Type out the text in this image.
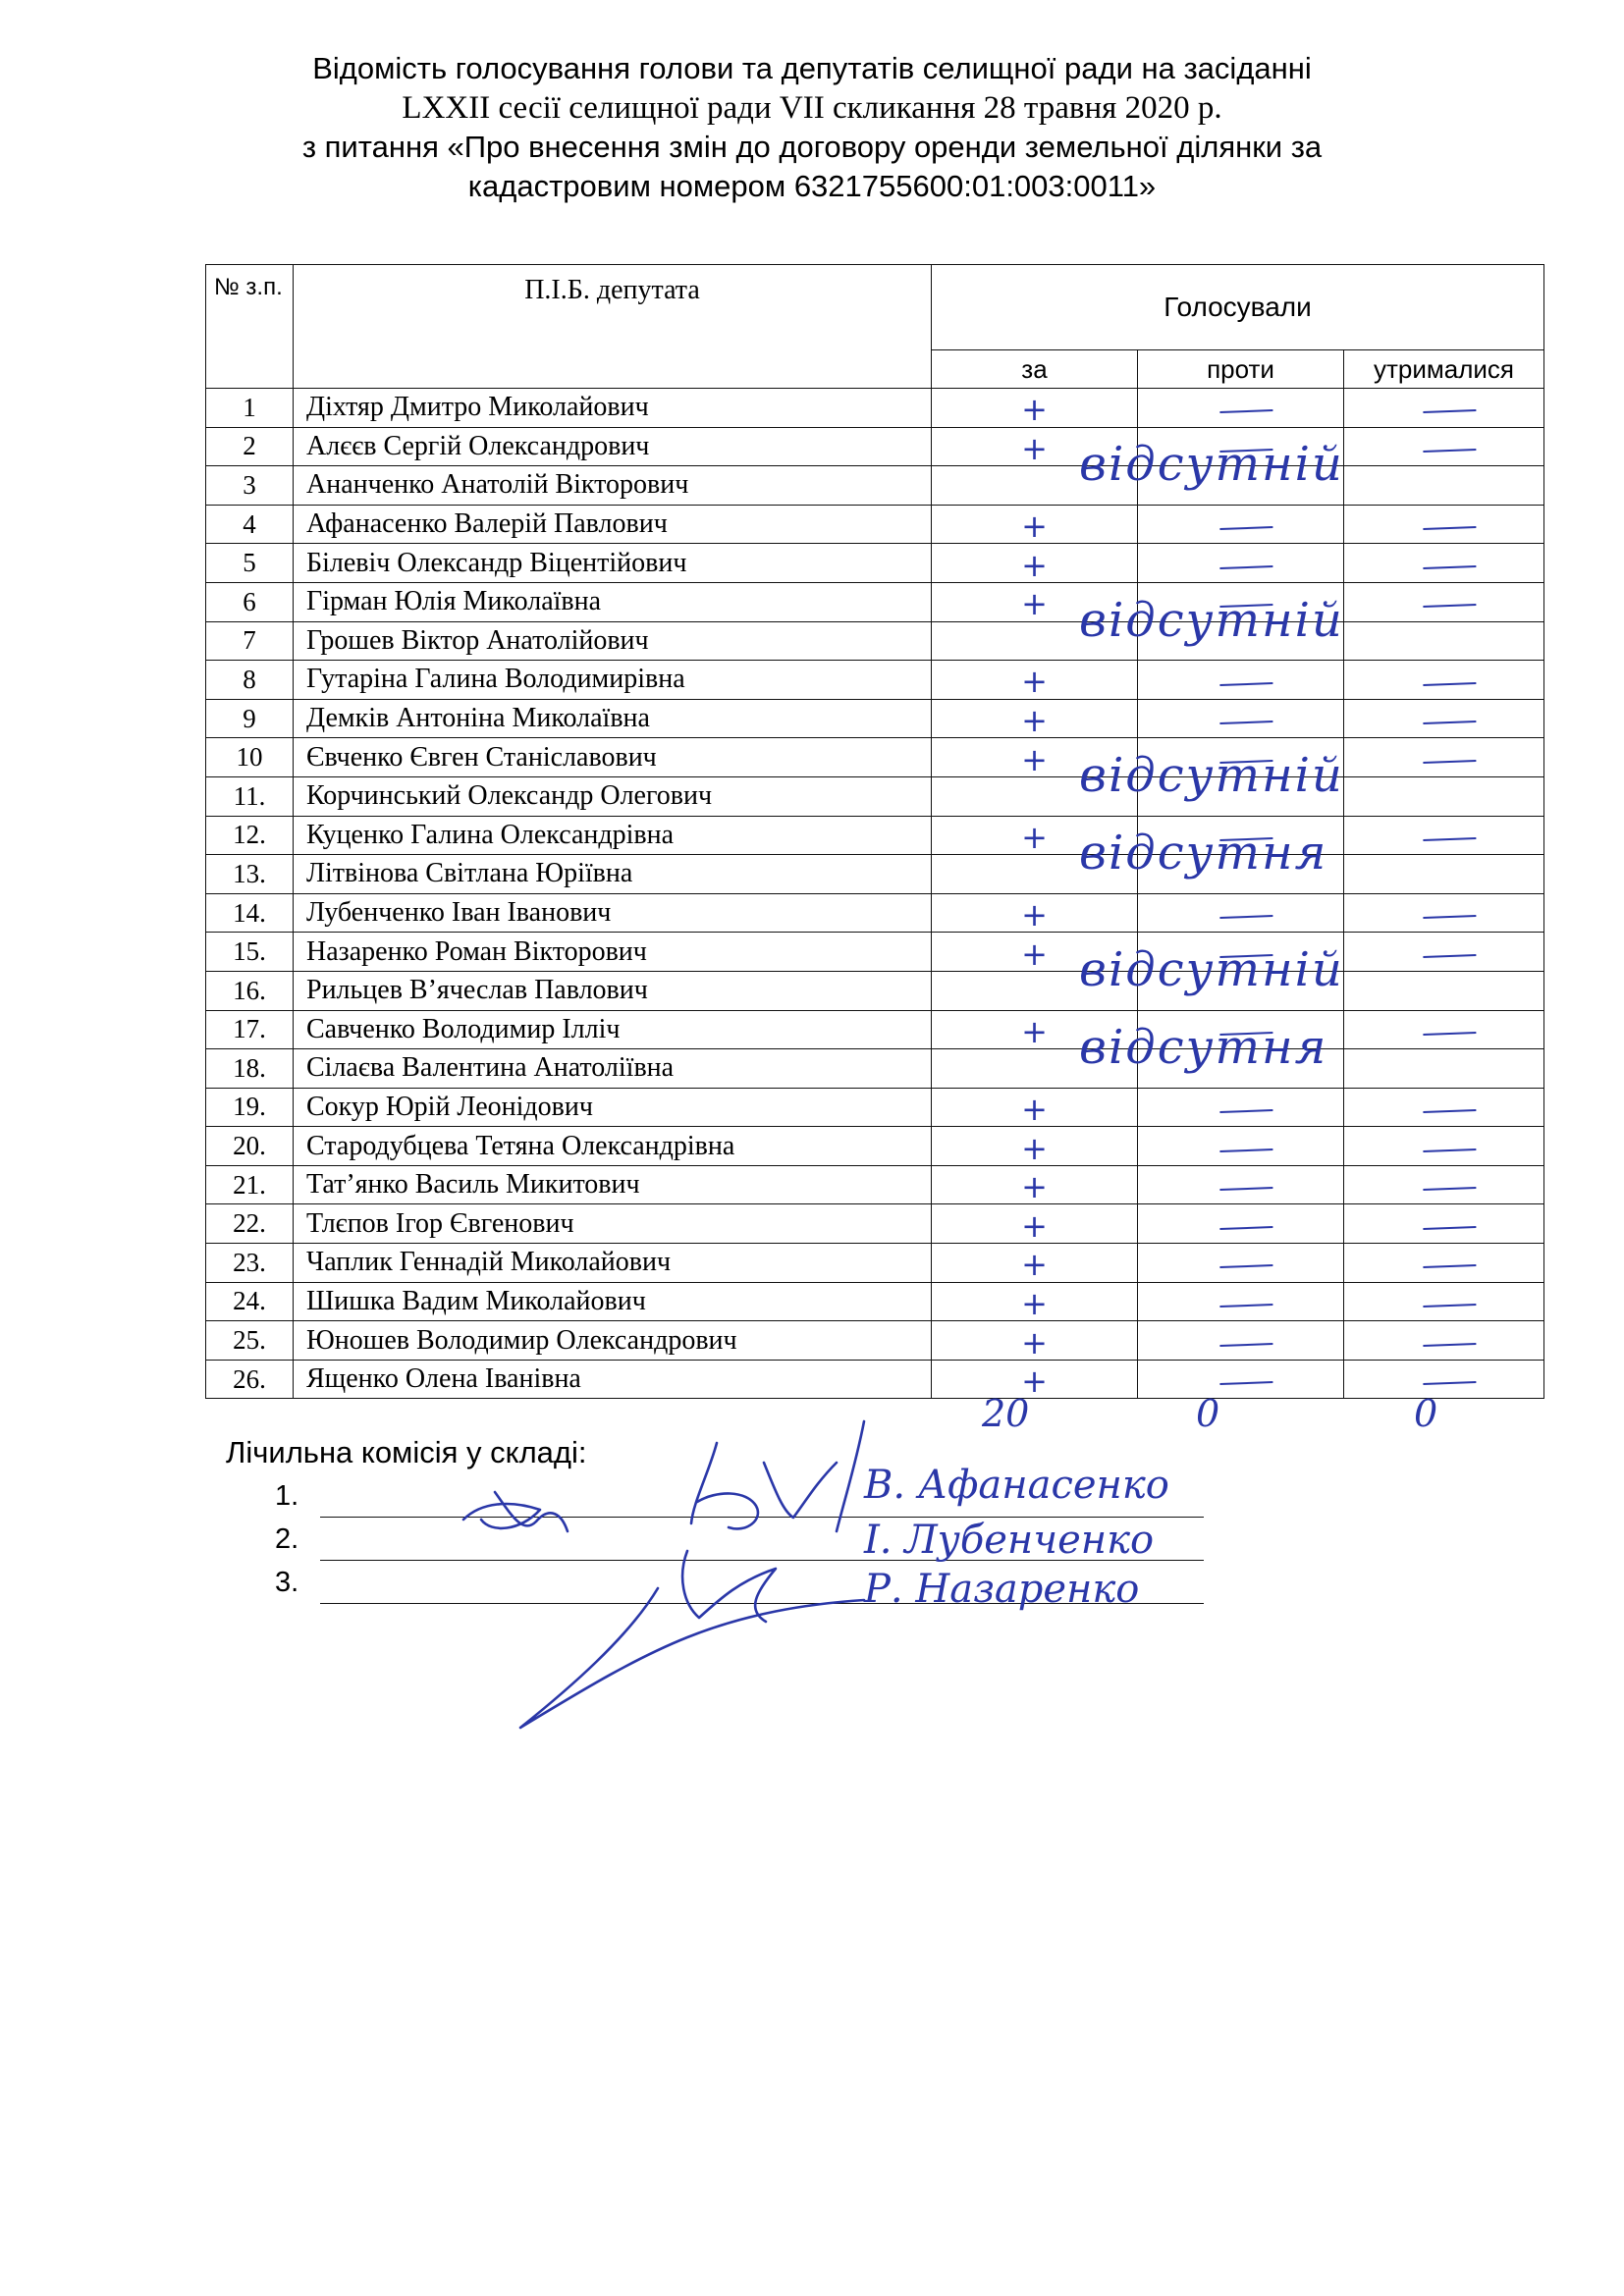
Відомість голосування голови та депутатів селищної ради на засіданні
LXXII сесії селищної ради VII скликання 28 травня 2020 р.
з питання «Про внесення змін до договору оренди земельної ділянки за
кадастровим номером 6321755600:01:003:0011»
№ з.п.	П.І.Б. депутата	Голосували		
		за	проти	утрималися
1	Діхтяр Дмитро Миколайович	+		

2	Алєєв Сергій Олександрович	+		

3	Ананченко Анатолій Вікторович	відсутній		

4	Афанасенко Валерій Павлович	+		

5	Білевіч Олександр Віцентійович	+		

6	Гірман Юлія Миколаївна	+		

7	Грошев Віктор Анатолійович	відсутній		

8	Гутаріна Галина Володимирівна	+		

9	Демків Антоніна Миколаївна	+		

10	Євченко Євген Станіславович	+		

11.	Корчинський Олександр Олегович	відсутній		

12.	Куценко Галина Олександрівна	+		

13.	Літвінова Світлана Юріївна	відсутня		

14.	Лубенченко Іван Іванович	+		

15.	Назаренко Роман Вікторович	+		

16.	Рильцев В’ячеслав Павлович	відсутній		

17.	Савченко Володимир Ілліч	+		

18.	Сілаєва Валентина Анатоліївна	відсутня		

19.	Сокур Юрій Леонідович	+		

20.	Стародубцева Тетяна Олександрівна	+		

21.	Тат’янко Василь Микитович	+		

22.	Тлєпов Ігор Євгенович	+		

23.	Чаплик Геннадій Миколайович	+		

24.	Шишка Вадим Миколайович	+		

25.	Юношев Володимир Олександрович	+		

26.	Ященко Олена Іванівна	+		

20	0	0
Лічильна комісія у складі:
1.	В. Афанасенко
2.	І. Лубенченко
3.	Р. Назаренко
